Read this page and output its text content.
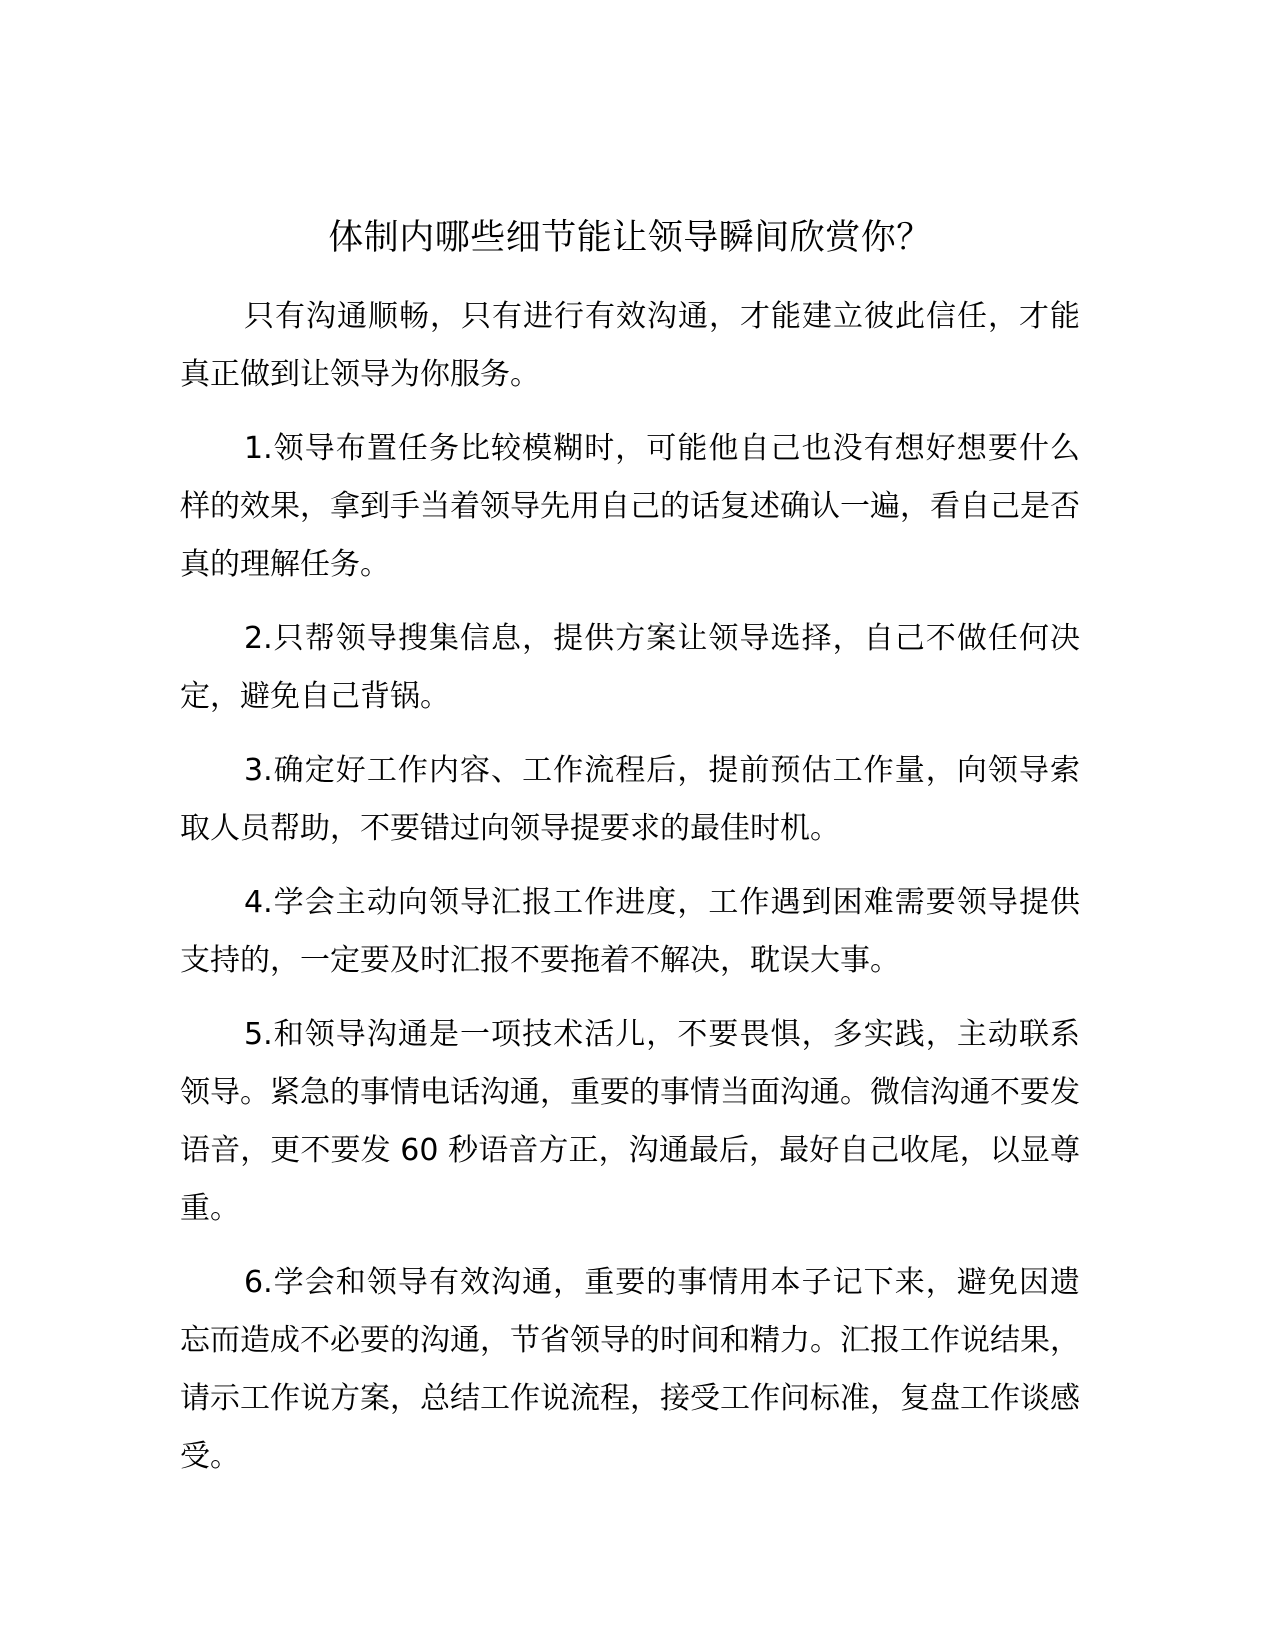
体制内哪些细节能让领导瞬间欣赏你？

只有沟通顺畅，只有进行有效沟通，才能建立彼此信任，才能真正做到让领导为你服务。

1.领导布置任务比较模糊时，可能他自己也没有想好想要什么样的效果，拿到手当着领导先用自己的话复述确认一遍，看自己是否真的理解任务。

2.只帮领导搜集信息，提供方案让领导选择，自己不做任何决定，避免自己背锅。

3.确定好工作内容、工作流程后，提前预估工作量，向领导索取人员帮助，不要错过向领导提要求的最佳时机。

4.学会主动向领导汇报工作进度，工作遇到困难需要领导提供支持的，一定要及时汇报不要拖着不解决，耽误大事。

5.和领导沟通是一项技术活儿，不要畏惧，多实践，主动联系领导。紧急的事情电话沟通，重要的事情当面沟通。微信沟通不要发语音，更不要发 60 秒语音方正，沟通最后，最好自己收尾，以显尊重。

6.学会和领导有效沟通，重要的事情用本子记下来，避免因遗忘而造成不必要的沟通，节省领导的时间和精力。汇报工作说结果，请示工作说方案，总结工作说流程，接受工作问标准，复盘工作谈感受。
